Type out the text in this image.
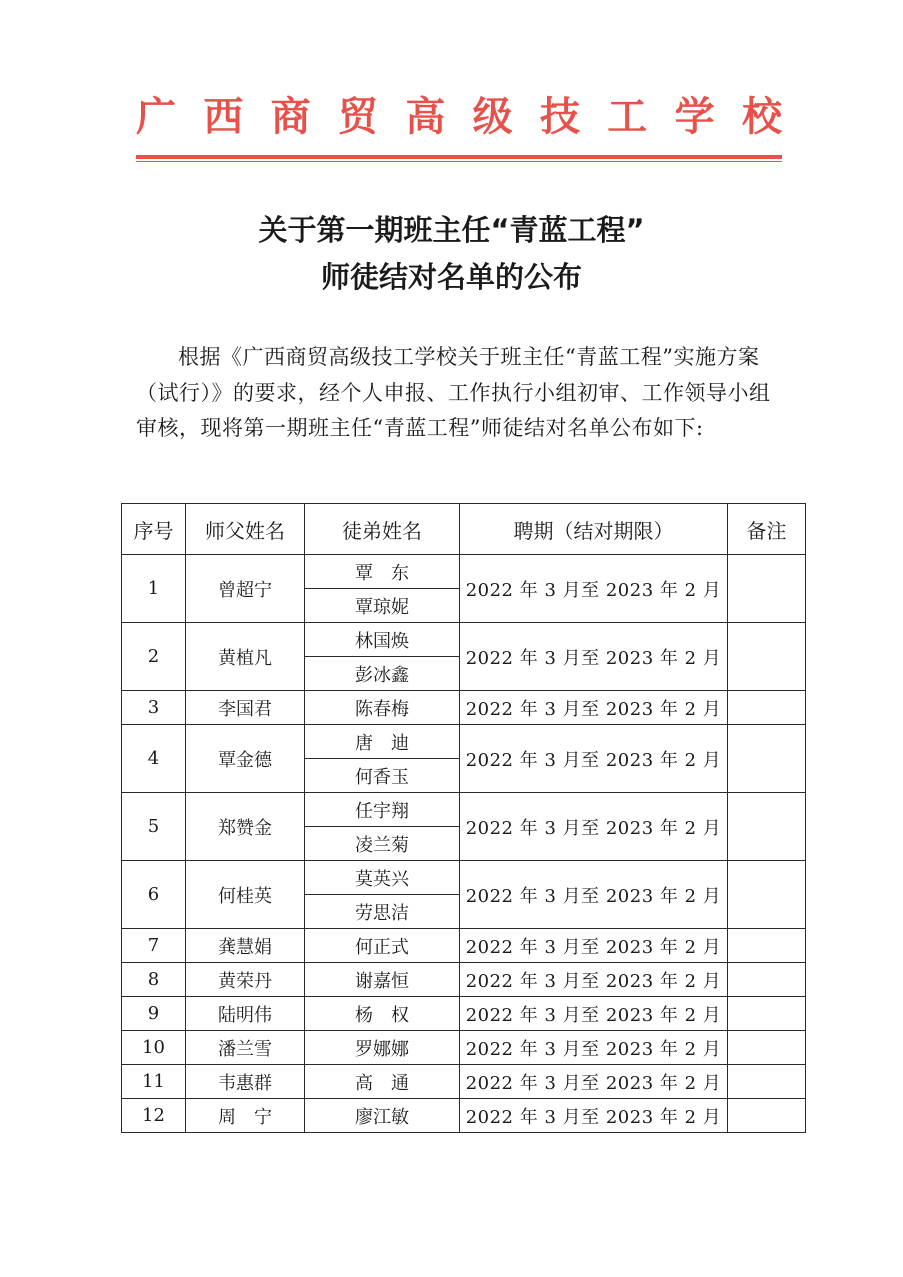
广 西 商 贸 高 级 技 工 学 校
关于第一期班主任“青蓝工程”
师徒结对名单的公布
根据《广西商贸高级技工学校关于班主任“青蓝工程”实施方案（试行）》的要求，经个人申报、工作执行小组初审、工作领导小组审核，现将第一期班主任“青蓝工程”师徒结对名单公布如下:
序号	师父姓名	徒弟姓名	聘期（结对期限）	备注
1	曾超宁	覃　东	2022 年 3 月至 2023 年 2 月	
		覃琼妮		
2	黄植凡	林国焕	2022 年 3 月至 2023 年 2 月	
		彭冰鑫		
3	李国君	陈春梅	2022 年 3 月至 2023 年 2 月	
4	覃金德	唐　迪	2022 年 3 月至 2023 年 2 月	
		何香玉		
5	郑赞金	任宇翔	2022 年 3 月至 2023 年 2 月	
		凌兰菊		
6	何桂英	莫英兴	2022 年 3 月至 2023 年 2 月	
		劳思洁		
7	龚慧娟	何正式	2022 年 3 月至 2023 年 2 月	
8	黄荣丹	谢嘉恒	2022 年 3 月至 2023 年 2 月	
9	陆明伟	杨　权	2022 年 3 月至 2023 年 2 月	
10	潘兰雪	罗娜娜	2022 年 3 月至 2023 年 2 月	
11	韦惠群	高　通	2022 年 3 月至 2023 年 2 月	
12	周　宁	廖江敏	2022 年 3 月至 2023 年 2 月	
